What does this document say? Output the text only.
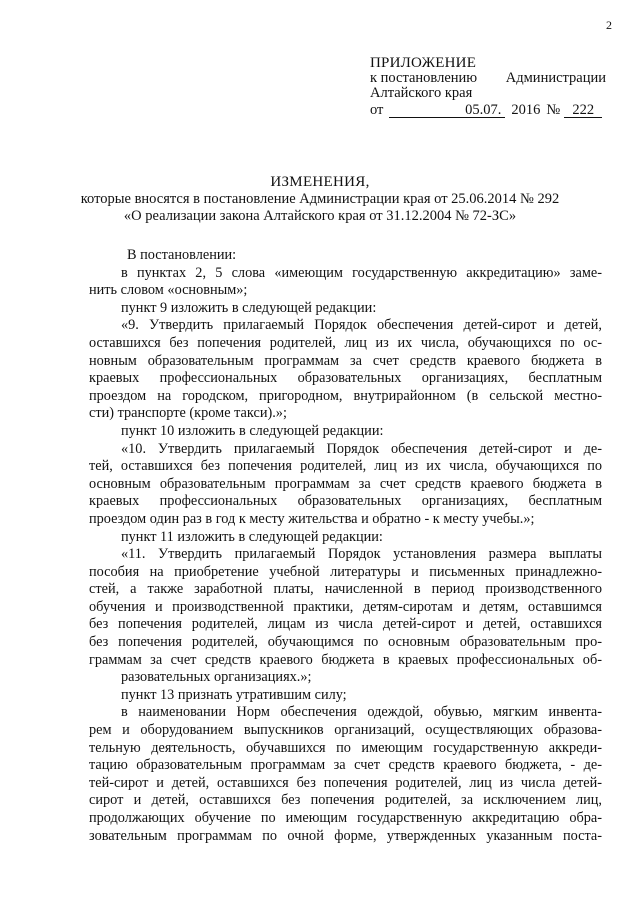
2
ПРИЛОЖЕНИЕ
к постановлению Администрации
Алтайского края
от	05.07. 2016 № 222
ИЗМЕНЕНИЯ,
которые вносятся в постановление Администрации края от 25.06.2014 № 292
«О реализации закона Алтайского края от 31.12.2004 № 72-ЗС»
В постановлении:
в пунктах 2, 5 слова «имеющим государственную аккредитацию» заме-
нить словом «основным»;
пункт 9 изложить в следующей редакции:
«9. Утвердить прилагаемый Порядок обеспечения детей-сирот и детей,
оставшихся без попечения родителей, лиц из их числа, обучающихся по ос-
новным образовательным программам за счет средств краевого бюджета в
краевых профессиональных образовательных организациях, бесплатным
проездом на городском, пригородном, внутрирайонном (в сельской местно-
сти) транспорте (кроме такси).»;
пункт 10 изложить в следующей редакции:
«10. Утвердить прилагаемый Порядок обеспечения детей-сирот и де-
тей, оставшихся без попечения родителей, лиц из их числа, обучающихся по
основным образовательным программам за счет средств краевого бюджета в
краевых профессиональных образовательных организациях, бесплатным
проездом один раз в год к месту жительства и обратно - к месту учебы.»;
пункт 11 изложить в следующей редакции:
«11. Утвердить прилагаемый Порядок установления размера выплаты
пособия на приобретение учебной литературы и письменных принадлежно-
стей, а также заработной платы, начисленной в период производственного
обучения и производственной практики, детям-сиротам и детям, оставшимся
без попечения родителей, лицам из числа детей-сирот и детей, оставшихся
без попечения родителей, обучающимся по основным образовательным про-
граммам за счет средств краевого бюджета в краевых профессиональных об-
разовательных организациях.»;
пункт 13 признать утратившим силу;
в наименовании Норм обеспечения одеждой, обувью, мягким инвента-
рем и оборудованием выпускников организаций, осуществляющих образова-
тельную деятельность, обучавшихся по имеющим государственную аккреди-
тацию образовательным программам за счет средств краевого бюджета, - де-
тей-сирот и детей, оставшихся без попечения родителей, лиц из числа детей-
сирот и детей, оставшихся без попечения родителей, за исключением лиц,
продолжающих обучение по имеющим государственную аккредитацию обра-
зовательным программам по очной форме, утвержденных указанным поста-
